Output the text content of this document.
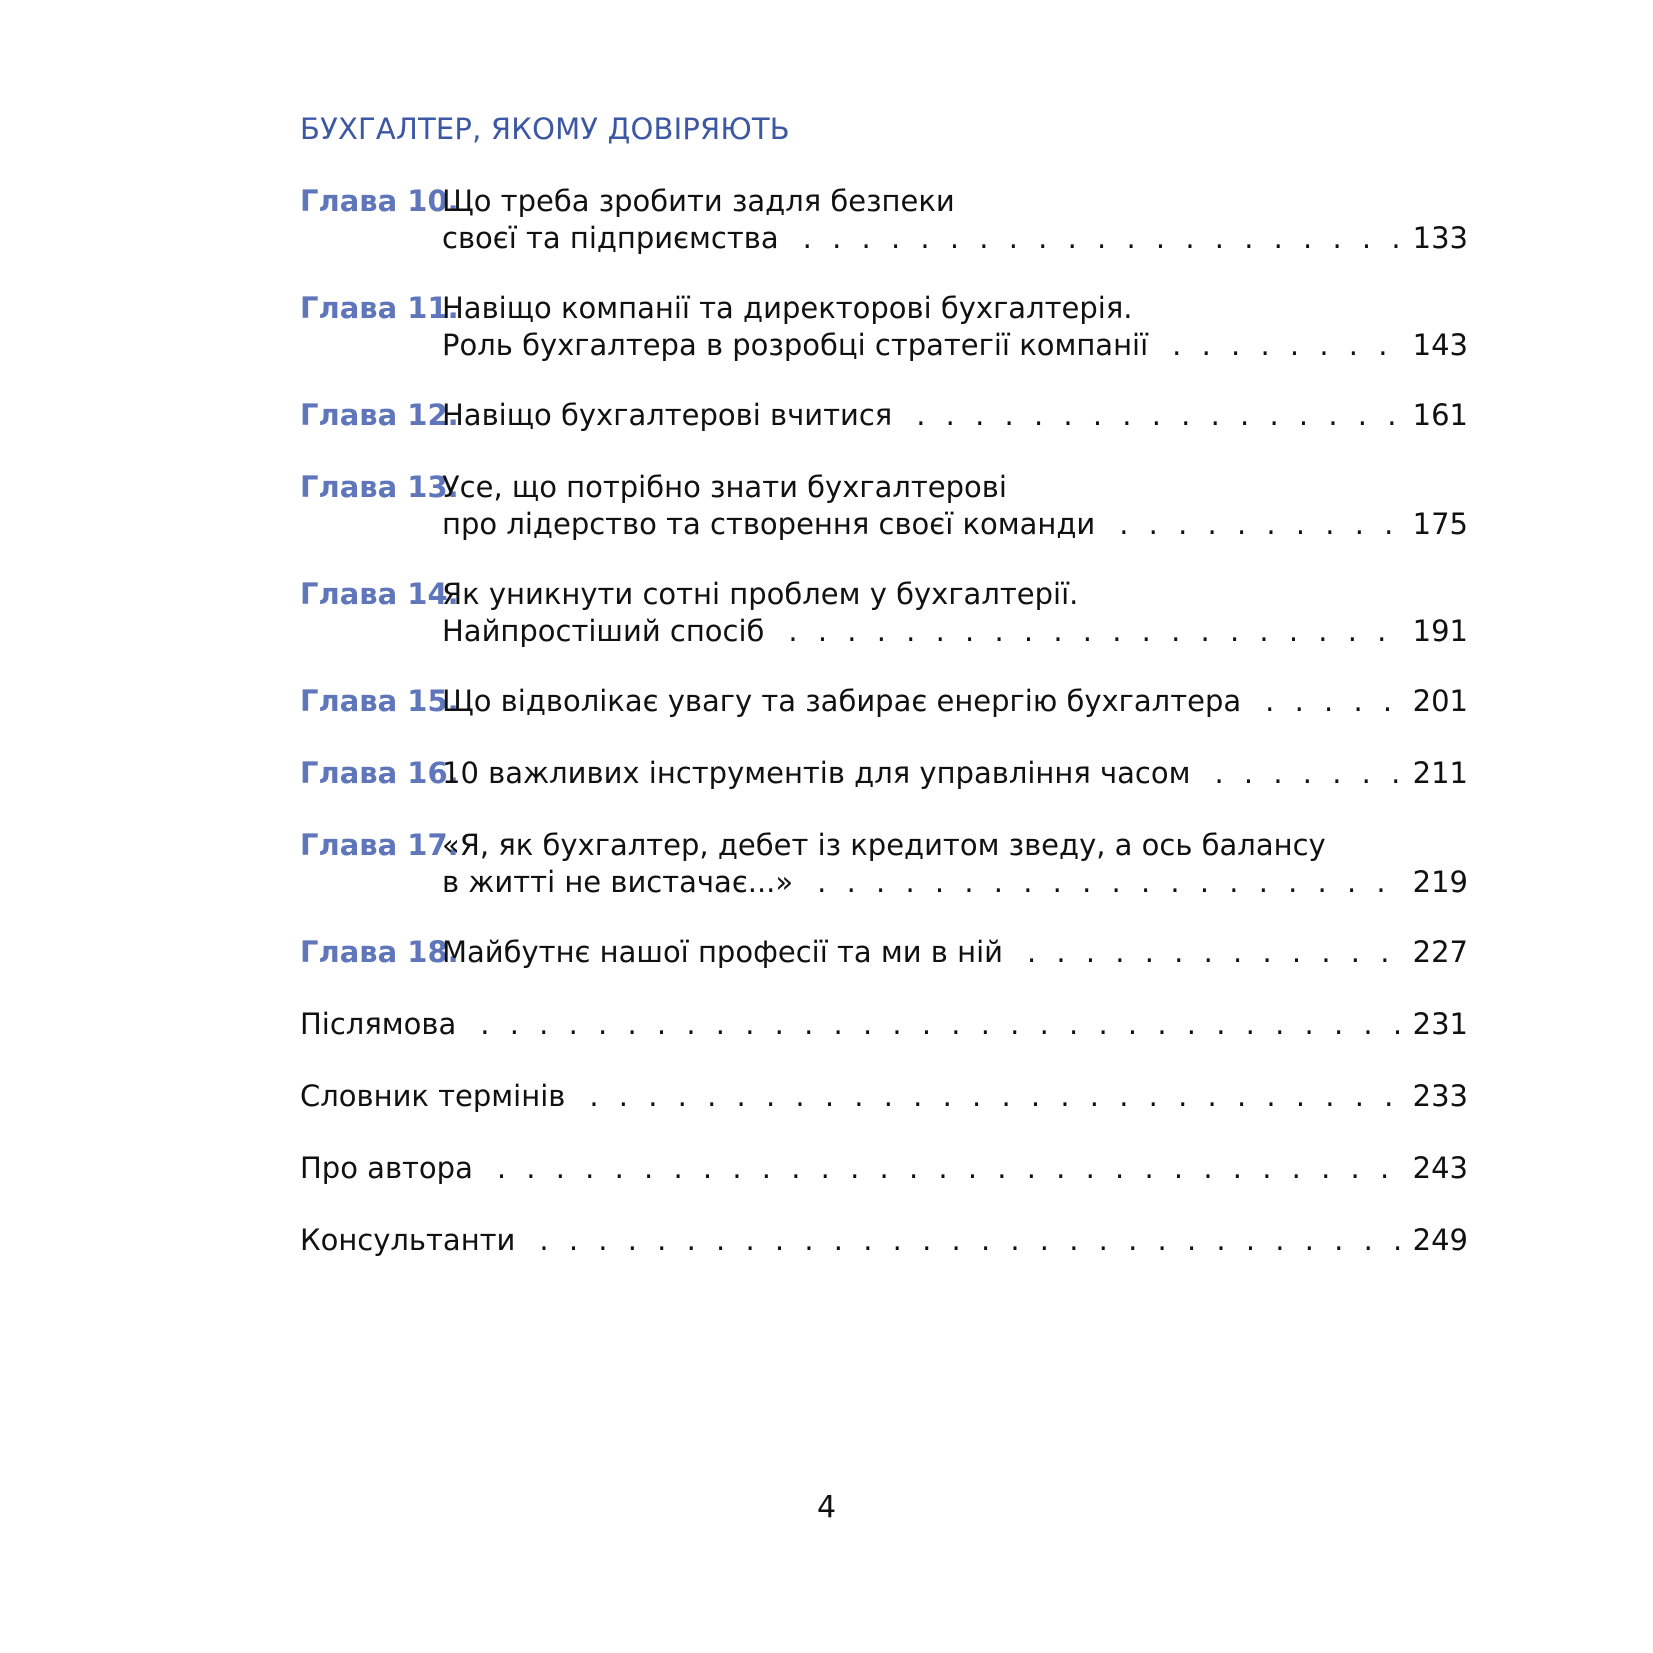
БУХГАЛТЕР, ЯКОМУ ДОВІРЯЮТЬ
Глава 10.
Що треба зробити задля безпеки
своєї та підприємства . . .	133
Глава 11.
Навіщо компанії та директорові бухгалтерія.
Роль бухгалтера в розробці стратегії компанії . . .	143
Глава 12.
Навіщо бухгалтерові вчитися . . .	161
Глава 13.
Усе, що потрібно знати бухгалтерові
про лідерство та створення своєї команди . . .	175
Глава 14.
Як уникнути сотні проблем у бухгалтерії.
Найпростіший спосіб . . .	191
Глава 15.
Що відволікає увагу та забирає енергію бухгалтера . . .	201
Глава 16.
10 важливих інструментів для управління часом . . .	211
Глава 17.
«Я, як бухгалтер, дебет із кредитом зведу, а ось балансу
в житті не вистачає...» . . .	219
Глава 18.
Майбутнє нашої професії та ми в ній . . .	227
Післямова . . .	231
Словник термінів . . .	233
Про автора . . .	243
Консультанти . . .	249
4
